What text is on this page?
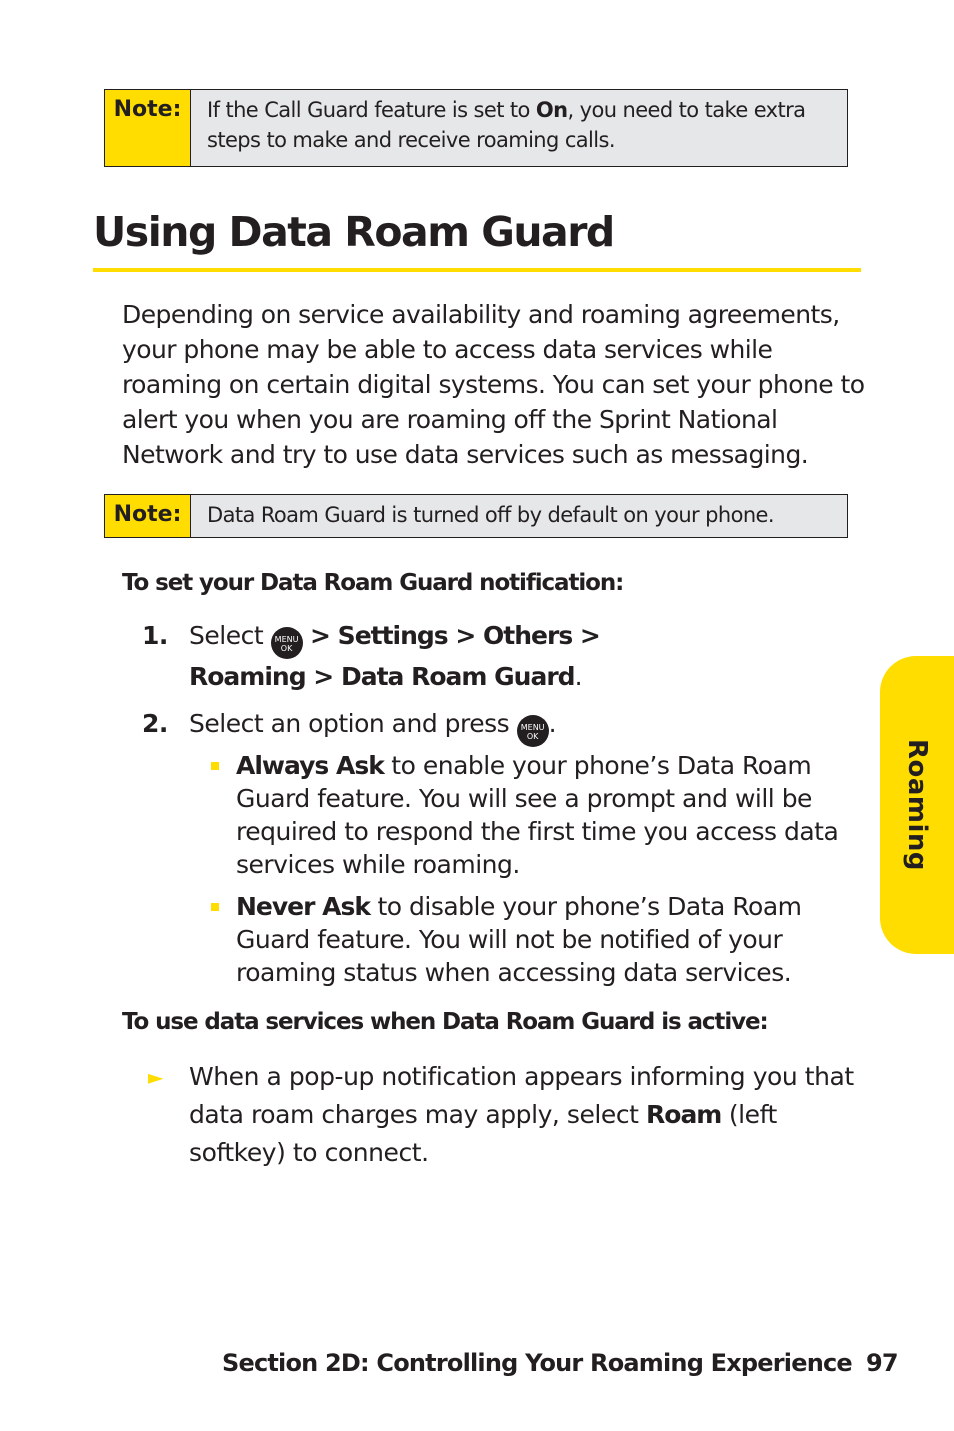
Note:	If the Call Guard feature is set to On, you need to take extra steps to make and receive roaming calls.
Using Data Roam Guard

Depending on service availability and roaming agreements, your phone may be able to access data services while roaming on certain digital systems. You can set your phone to alert you when you are roaming off the Sprint National Network and try to use data services such as messaging.

Note:	Data Roam Guard is turned off by default on your phone.
To set your Data Roam Guard notification:
1. Select MENU
OK > Settings > Others > Roaming > Data Roam Guard.
2. Select an option and press MENU
OK .
Always Ask to enable your phone’s Data Roam Guard feature. You will see a prompt and will be required to respond the first time you access data services while roaming.
Never Ask to disable your phone’s Data Roam Guard feature. You will not be notified of your roaming status when accessing data services.
To use data services when Data Roam Guard is active:
► When a pop-up notification appears informing you that data roam charges may apply, select Roam (left softkey) to connect.
Roaming
Section 2D: Controlling Your Roaming Experience 97
